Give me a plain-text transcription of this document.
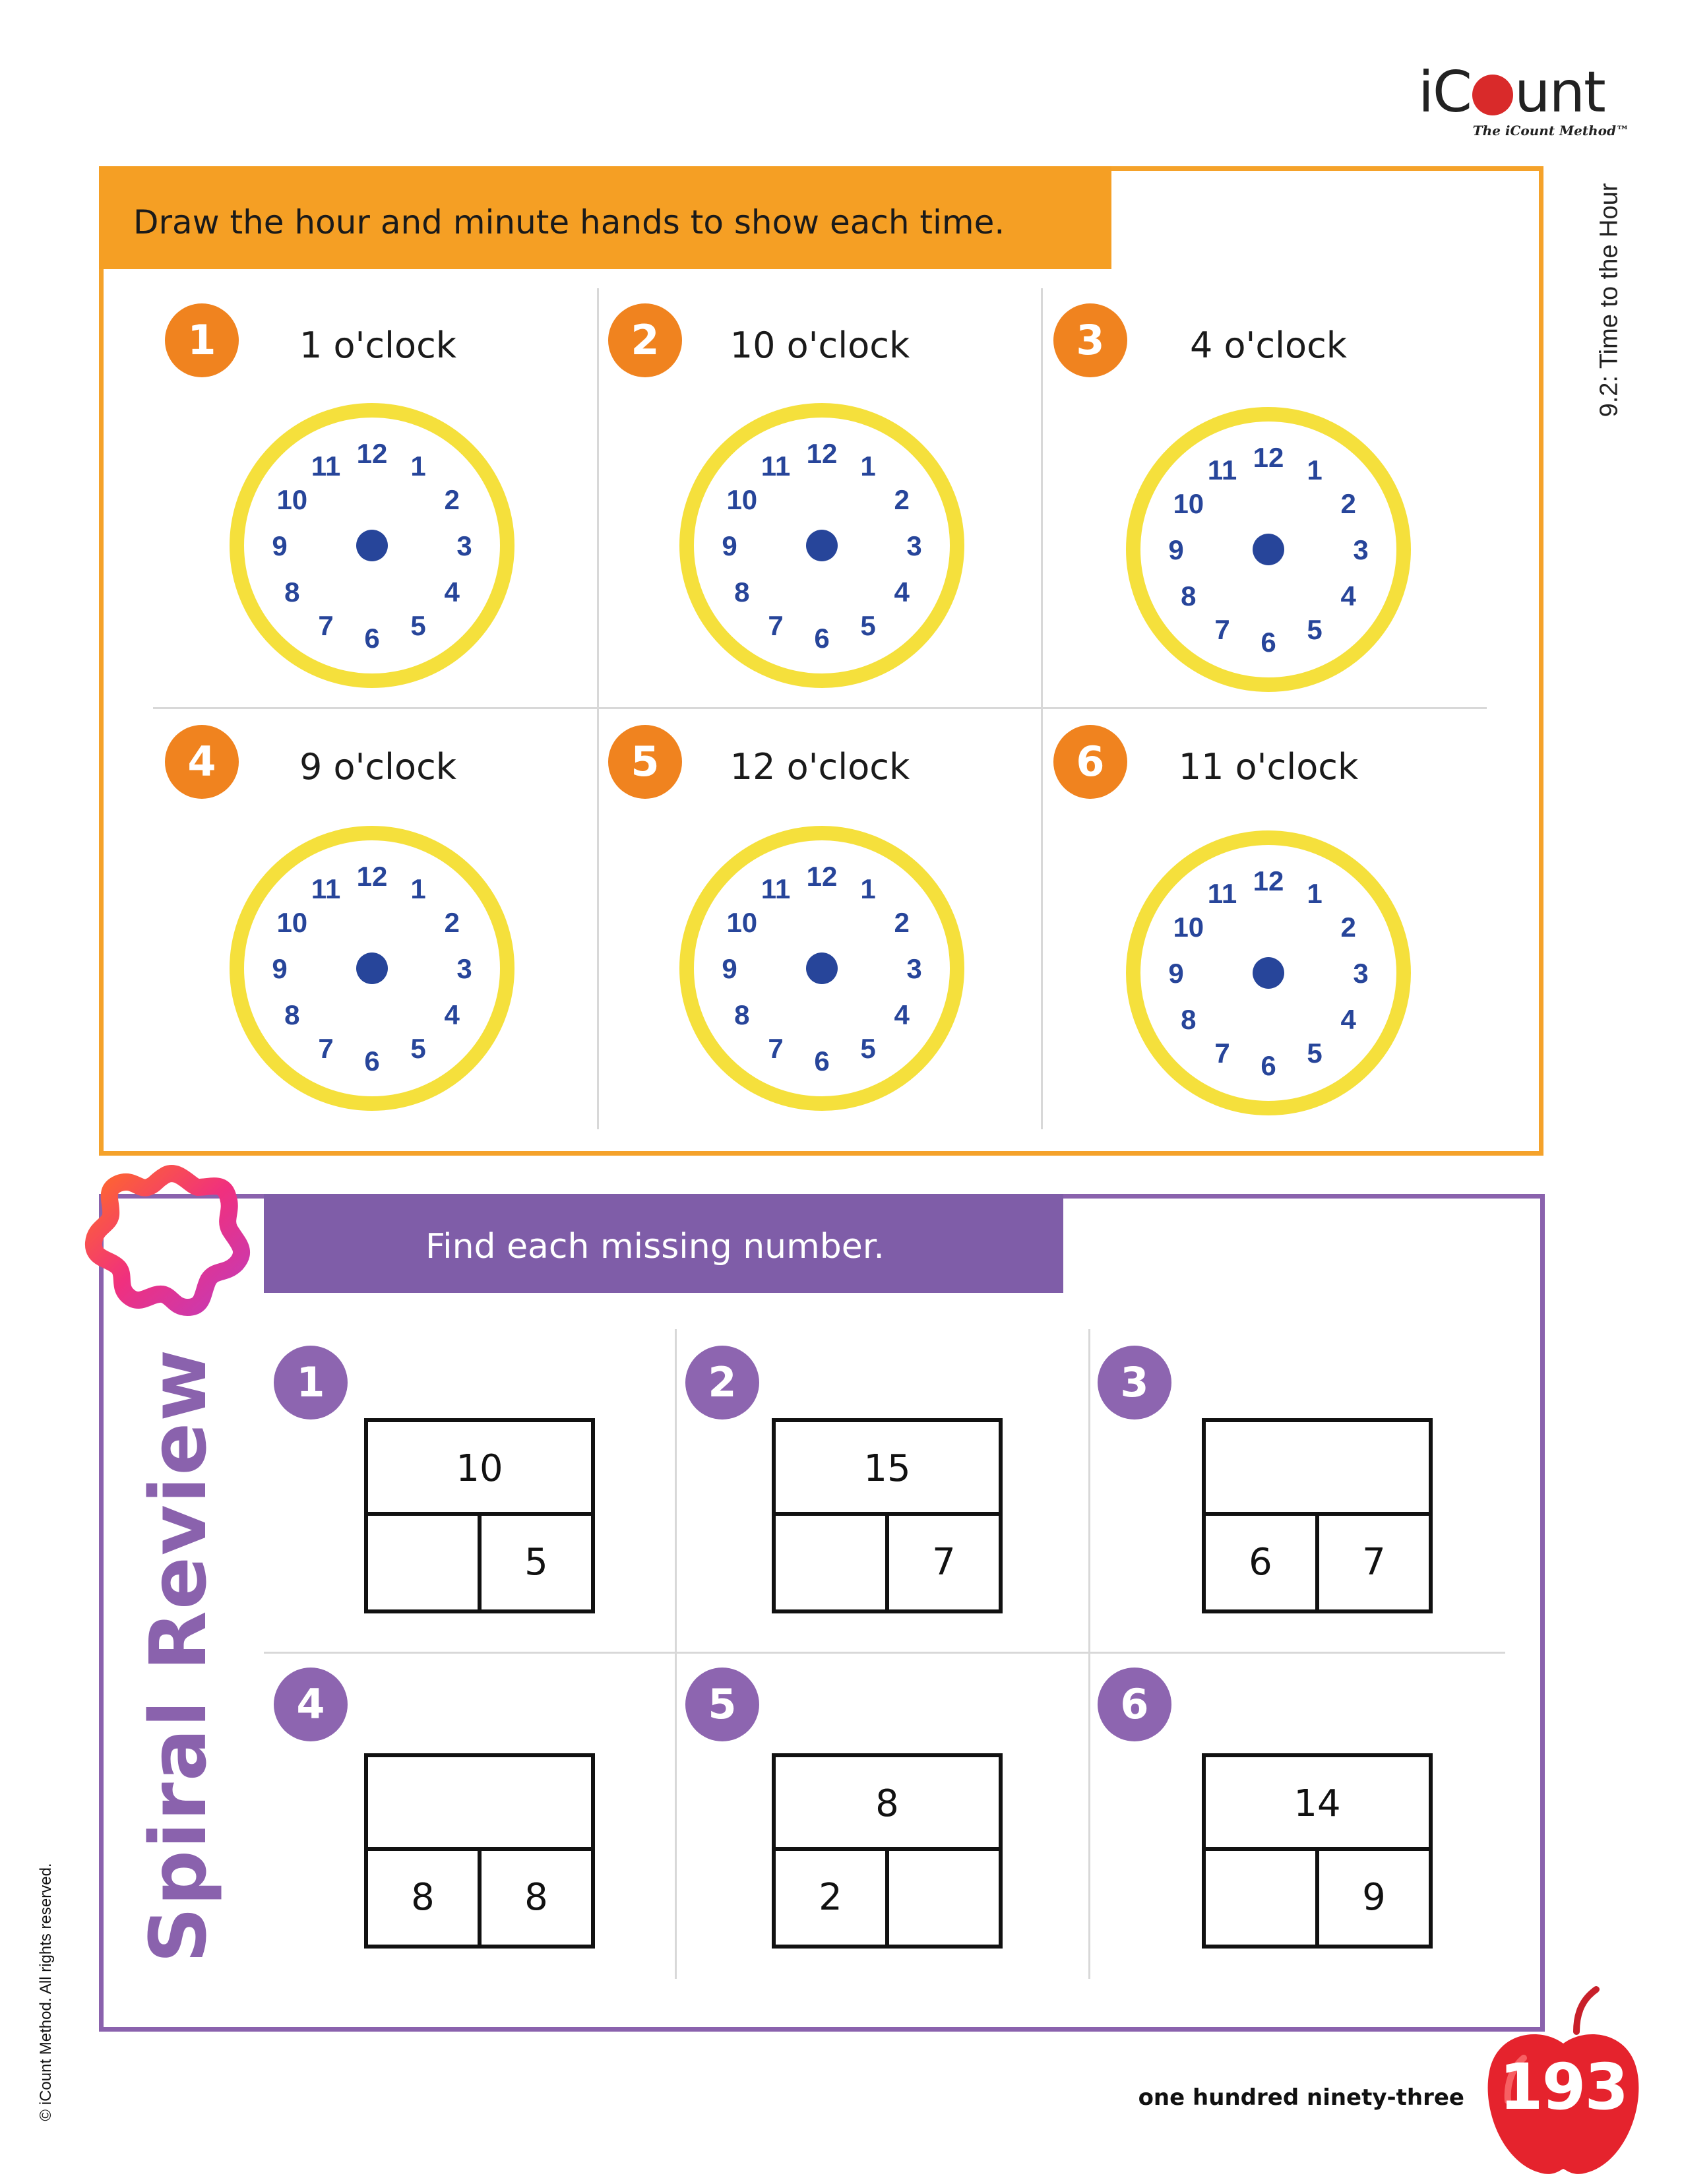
iC unt
The iCount Method™
9.2: Time to the Hour
Draw the hour and minute hands to show each time.
1	1 o'clock
12 1
2
3
4
5
6
7
8
9
10
11
2	10 o'clock
12 1
2
3
4
5
6
7
8
9
10
11
3	4 o'clock
12 1
2
3
4
5
6
7
8
9
10
11
4	9 o'clock
12 1
2
3
4
5
6
7
8
9
10
11
5	12 o'clock
12 1
2
3
4
5
6
7
8
9
10
11
6	11 o'clock
12 1
2
3
4
5
6
7
8
9
10
11
Find each missing number.
Spiral Review	1
10
5
2
15
7
3
6	7
4
8	8
5
8
2
6
14
9
© iCount Method. All rights reserved.	one hundred ninety-three 193
